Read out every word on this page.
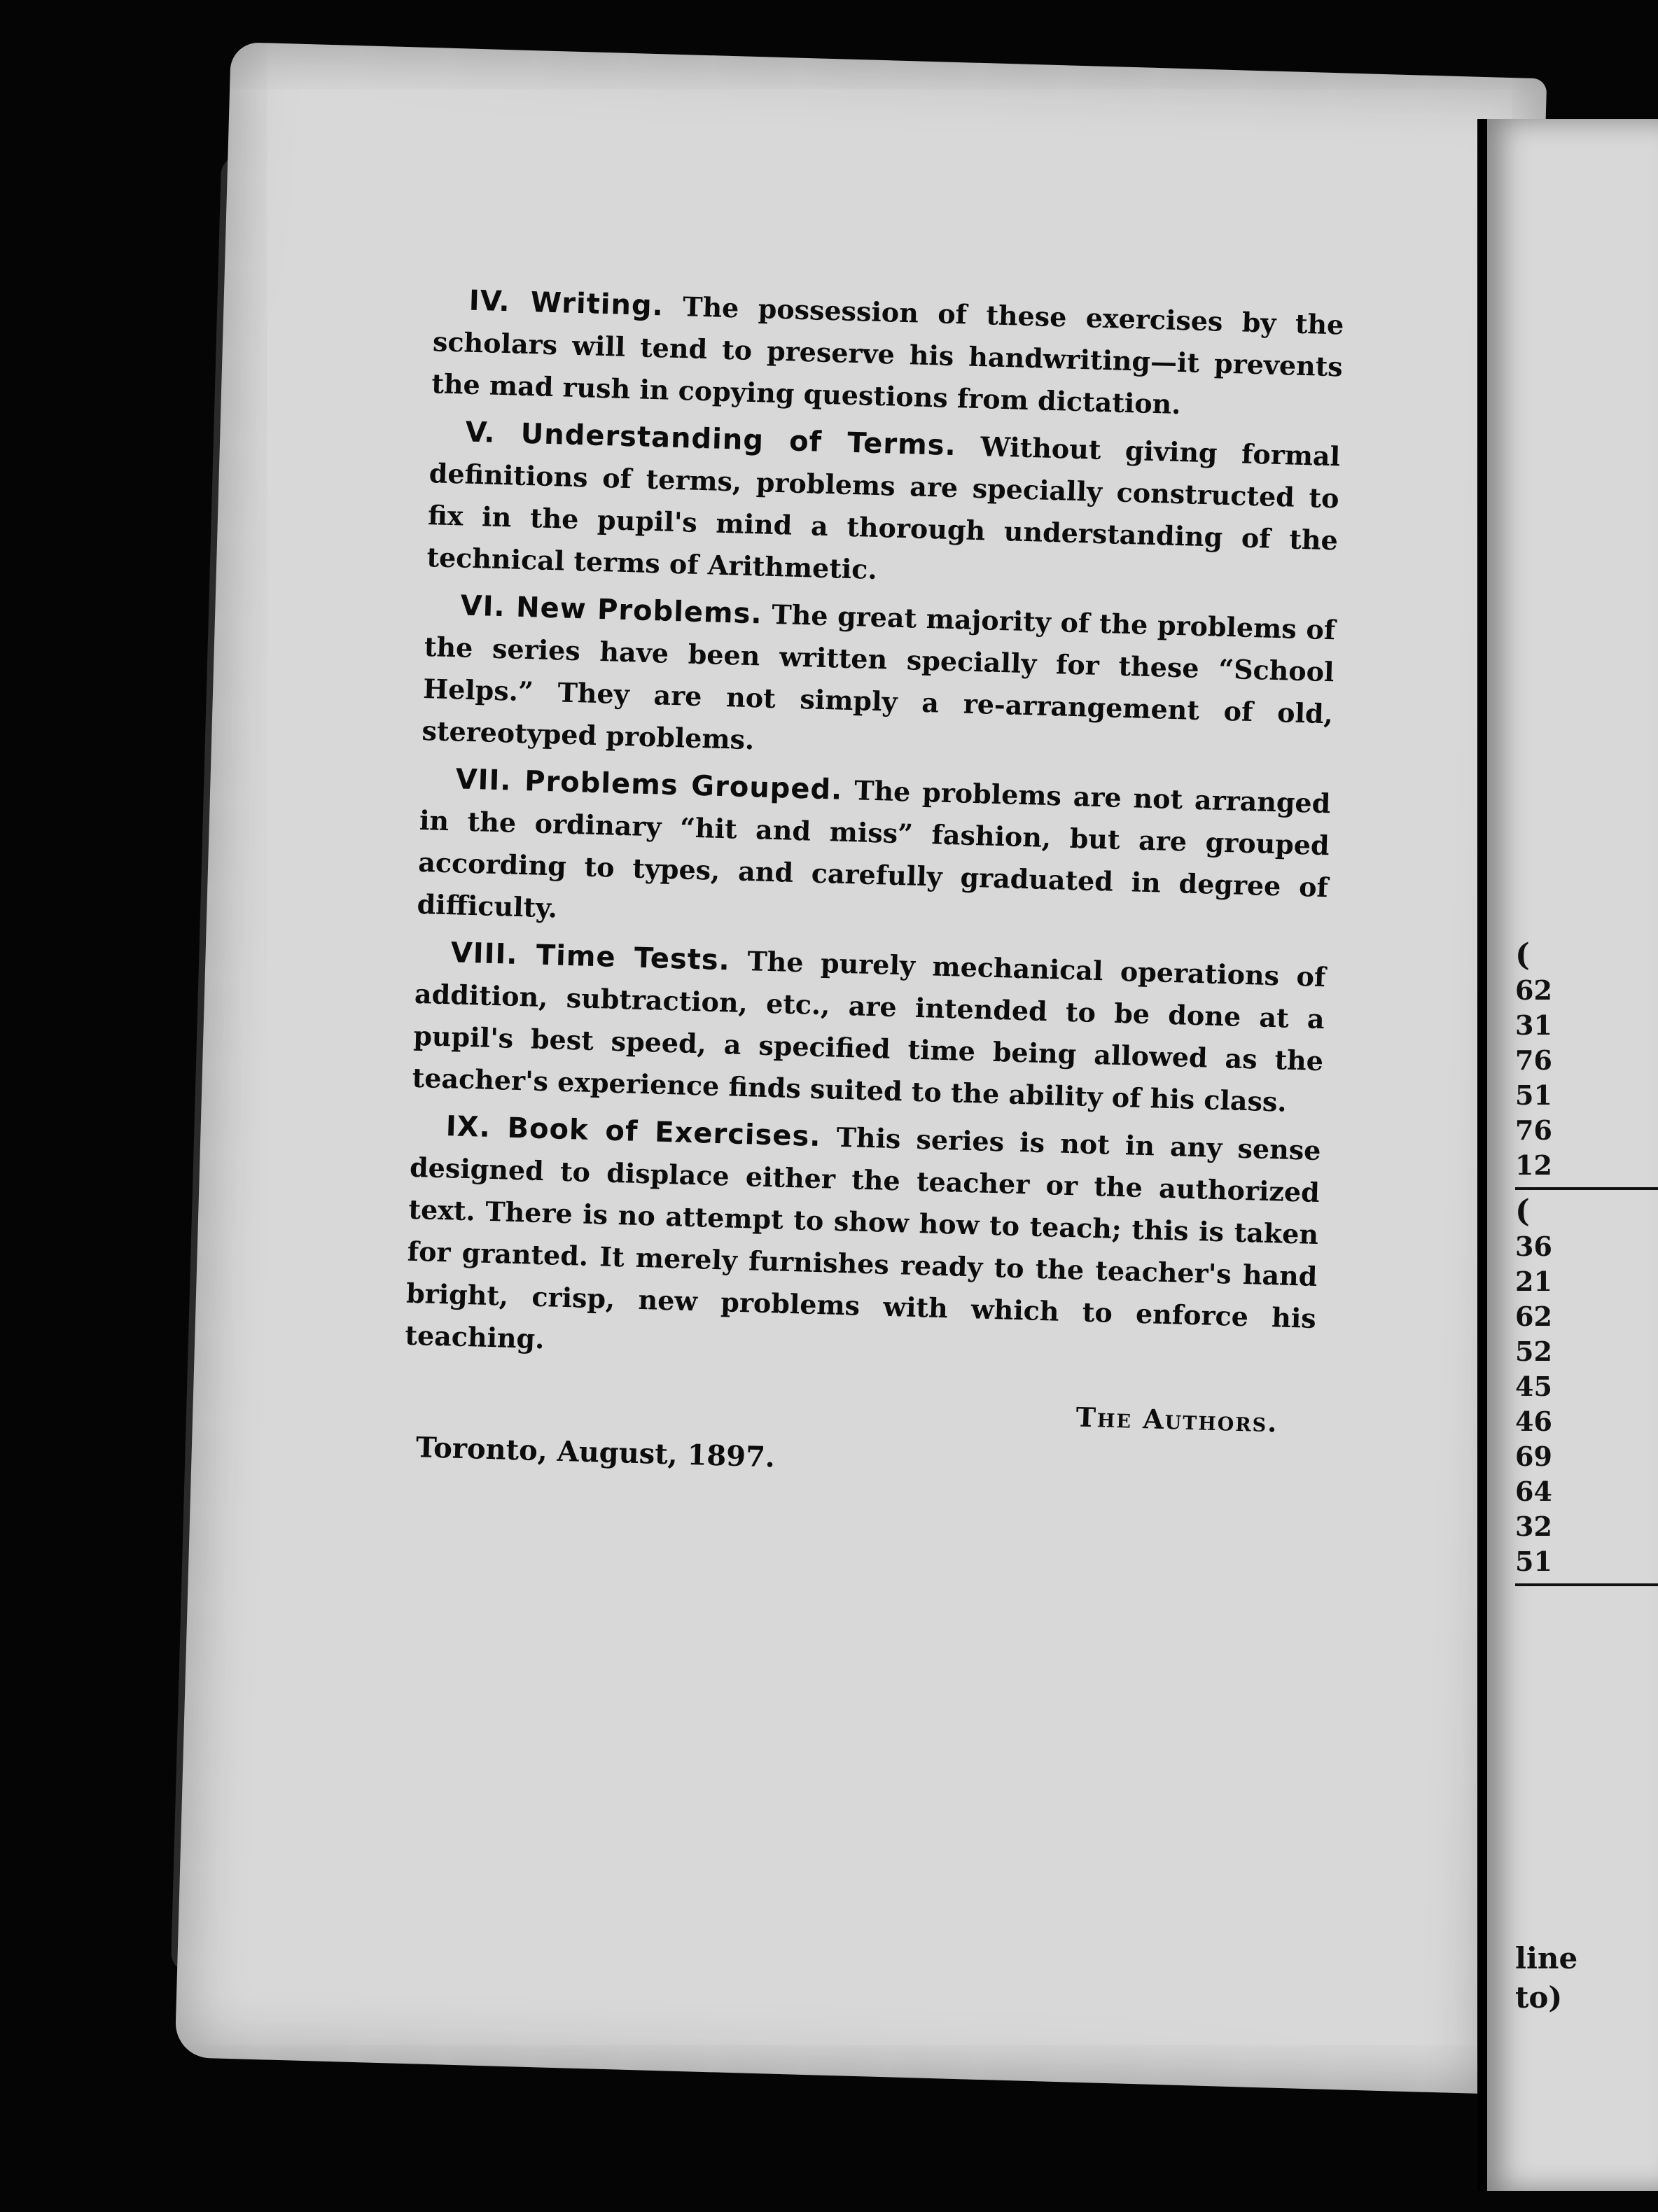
IV. Writing. The possession of these exercises by the scholars will tend to preserve his handwriting—it prevents the mad rush in copying questions from dictation.

V. Understanding of Terms. Without giving formal definitions of terms, problems are specially constructed to fix in the pupil's mind a thorough understanding of the technical terms of Arithmetic.

VI. New Problems. The great majority of the problems of the series have been written specially for these “School Helps.” They are not simply a re-arrangement of old, stereotyped problems.

VII. Problems Grouped. The problems are not arranged in the ordinary “hit and miss” fashion, but are grouped according to types, and carefully graduated in degree of difficulty.

VIII. Time Tests. The purely mechanical operations of addition, subtraction, etc., are intended to be done at a pupil's best speed, a specified time being allowed as the teacher's experience finds suited to the ability of his class.

IX. Book of Exercises. This series is not in any sense designed to displace either the teacher or the authorized text. There is no attempt to show how to teach; this is taken for granted. It merely furnishes ready to the teacher's hand bright, crisp, new problems with which to enforce his teaching.

The Authors.
Toronto, August, 1897.
(
62
31
76
51
76
12
(
36
21
62
52
45
46
69
64
32
51
line
to)
